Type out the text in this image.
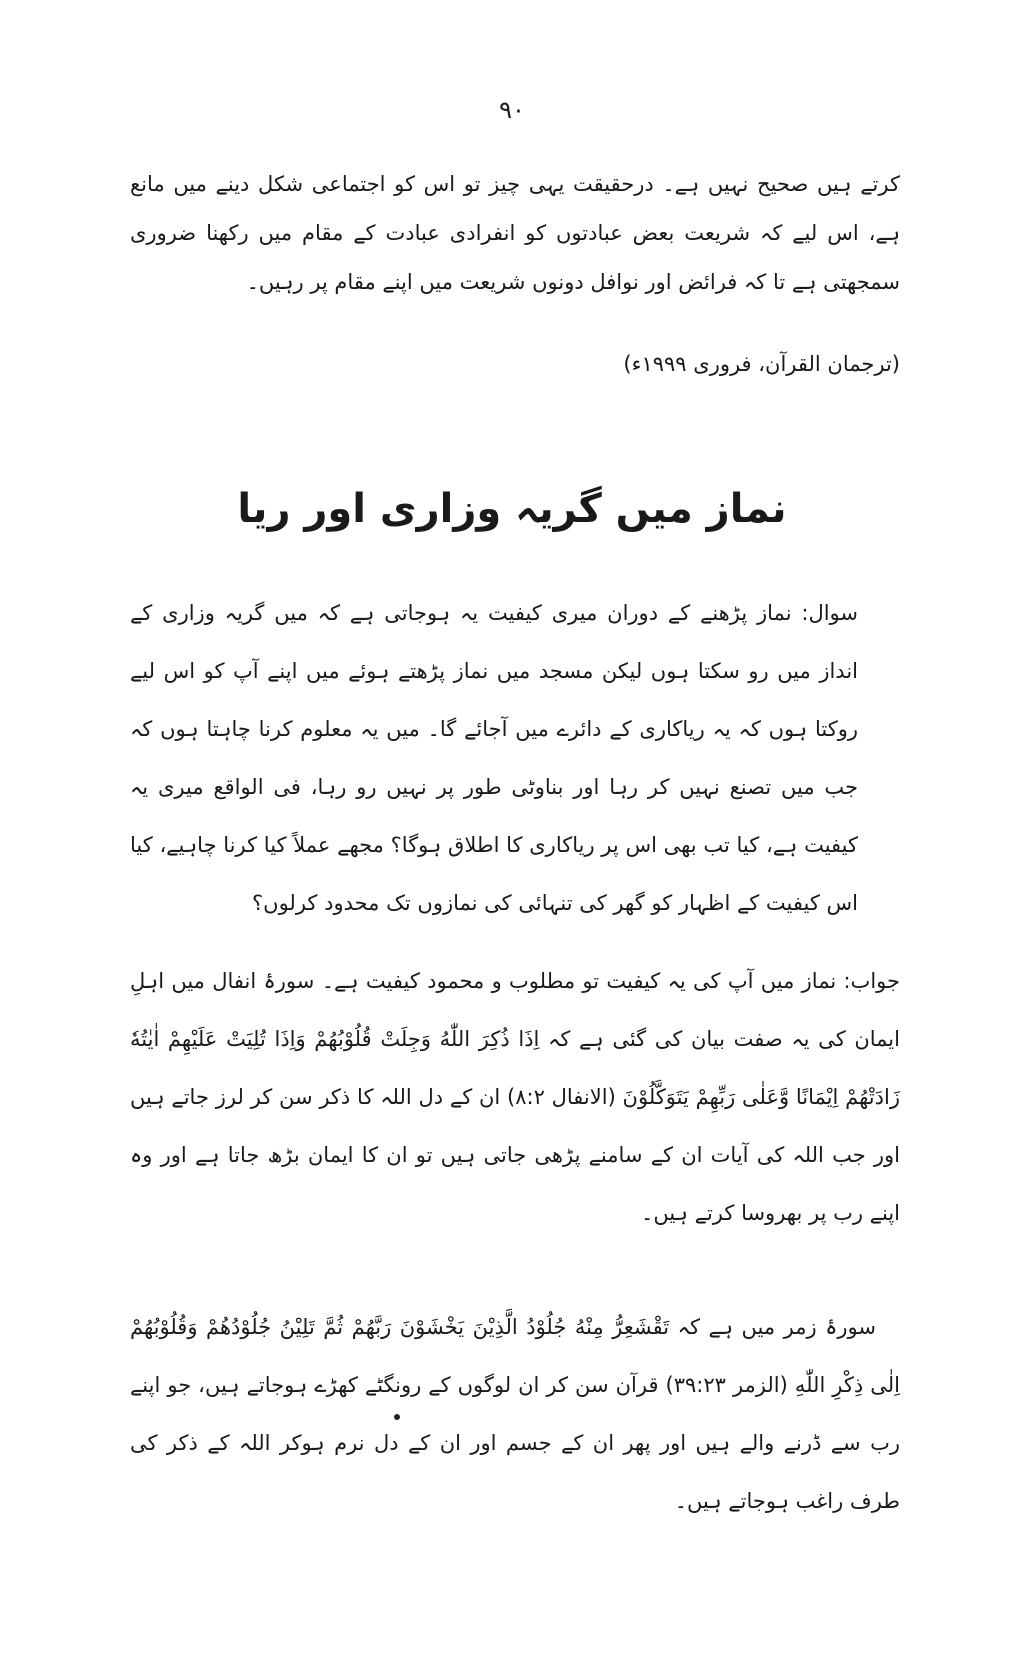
۹۰

کرتے ہیں صحیح نہیں ہے۔ درحقیقت یہی چیز تو اس کو اجتماعی شکل دینے میں مانع ہے، اس لیے کہ شریعت بعض عبادتوں کو انفرادی عبادت کے مقام میں رکھنا ضروری سمجھتی ہے تا کہ فرائض اور نوافل دونوں شریعت میں اپنے مقام پر رہیں۔

(ترجمان القرآن، فروری ۱۹۹۹ء)
نماز میں گریہ وزاری اور ریا

سوال: نماز پڑھنے کے دوران میری کیفیت یہ ہوجاتی ہے کہ میں گریہ وزاری کے انداز میں رو سکتا ہوں لیکن مسجد میں نماز پڑھتے ہوئے میں اپنے آپ کو اس لیے روکتا ہوں کہ یہ ریاکاری کے دائرے میں آجائے گا۔ میں یہ معلوم کرنا چاہتا ہوں کہ جب میں تصنع نہیں کر رہا اور بناوٹی طور پر نہیں رو رہا، فی الواقع میری یہ کیفیت ہے، کیا تب بھی اس پر ریاکاری کا اطلاق ہوگا؟ مجھے عملاً کیا کرنا چاہیے، کیا اس کیفیت کے اظہار کو گھر کی تنہائی کی نمازوں تک محدود کرلوں؟

جواب: نماز میں آپ کی یہ کیفیت تو مطلوب و محمود کیفیت ہے۔ سورۂ انفال میں اہلِ ایمان کی یہ صفت بیان کی گئی ہے کہ اِذَا ذُكِرَ اللّٰهُ وَجِلَتْ قُلُوْبُهُمْ وَاِذَا تُلِيَتْ عَلَيْهِمْ اٰيٰتُهٗ زَادَتْهُمْ اِيْمَانًا وَّعَلٰى رَبِّهِمْ يَتَوَكَّلُوْنَ (الانفال ۸:۲) ان کے دل اللہ کا ذکر سن کر لرز جاتے ہیں اور جب اللہ کی آیات ان کے سامنے پڑھی جاتی ہیں تو ان کا ایمان بڑھ جاتا ہے اور وہ اپنے رب پر بھروسا کرتے ہیں۔

سورۂ زمر میں ہے کہ تَقْشَعِرُّ مِنْهُ جُلُوْدُ الَّذِيْنَ يَخْشَوْنَ رَبَّهُمْ ثُمَّ تَلِيْنُ جُلُوْدُهُمْ وَقُلُوْبُهُمْ اِلٰى ذِكْرِ اللّٰهِ (الزمر ۳۹:۲۳) قرآن سن کر ان لوگوں کے رونگٹے کھڑے ہوجاتے ہیں، جو اپنے رب سے ڈرنے والے ہیں اور پھر ان کے جسم اور ان کے دل نرم ہوکر اللہ کے ذکر کی طرف راغب ہوجاتے ہیں۔
